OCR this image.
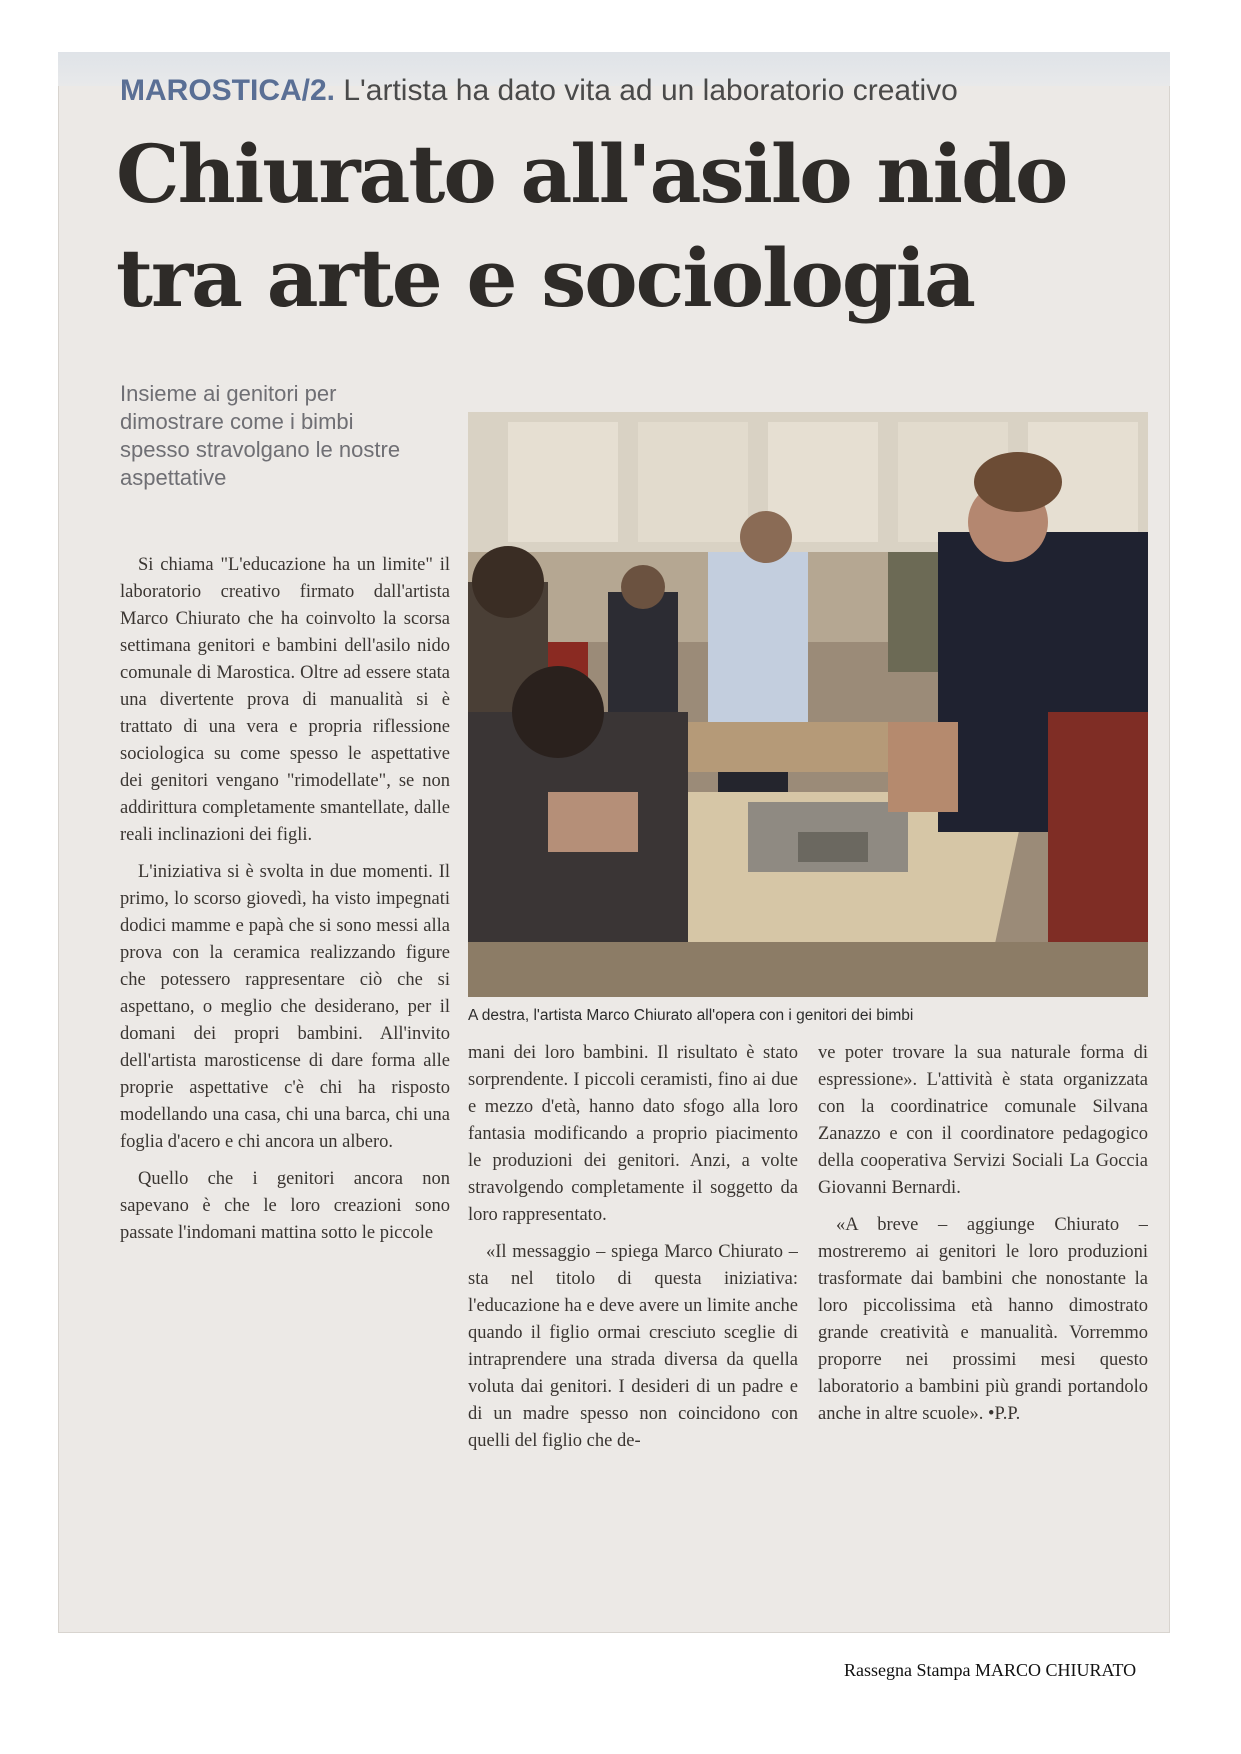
MAROSTICA/2. L'artista ha dato vita ad un laboratorio creativo
Chiurato all'asilo nido
tra arte e sociologia
Insieme ai genitori per dimostrare come i bimbi spesso stravolgano le nostre aspettative
A destra, l'artista Marco Chiurato all'opera con i genitori dei bimbi

Si chiama "L'educazione ha un limite" il laboratorio creativo firmato dall'artista Marco Chiurato che ha coinvolto la scorsa settimana genitori e bambini dell'asilo nido comunale di Marostica. Oltre ad essere stata una divertente prova di manualità si è trattato di una vera e propria riflessione sociologica su come spesso le aspettative dei genitori vengano "rimodellate", se non addirittura completamente smantellate, dalle reali inclinazioni dei figli.

L'iniziativa si è svolta in due momenti. Il primo, lo scorso giovedì, ha visto impegnati dodici mamme e papà che si sono messi alla prova con la ceramica realizzando figure che potessero rappresentare ciò che si aspettano, o meglio che desiderano, per il domani dei propri bambini. All'invito dell'artista marosticense di dare forma alle proprie aspettative c'è chi ha risposto modellando una casa, chi una barca, chi una foglia d'acero e chi ancora un albero.

Quello che i genitori ancora non sapevano è che le loro creazioni sono passate l'indomani mattina sotto le piccole

mani dei loro bambini. Il risultato è stato sorprendente. I piccoli ceramisti, fino ai due e mezzo d'età, hanno dato sfogo alla loro fantasia modificando a proprio piacimento le produzioni dei genitori. Anzi, a volte stravolgendo completamente il soggetto da loro rappresentato.

«Il messaggio – spiega Marco Chiurato – sta nel titolo di questa iniziativa: l'educazione ha e deve avere un limite anche quando il figlio ormai cresciuto sceglie di intraprendere una strada diversa da quella voluta dai genitori. I desideri di un padre e di un madre spesso non coincidono con quelli del figlio che de-

ve poter trovare la sua naturale forma di espressione». L'attività è stata organizzata con la coordinatrice comunale Silvana Zanazzo e con il coordinatore pedagogico della cooperativa Servizi Sociali La Goccia Giovanni Bernardi.

«A breve – aggiunge Chiurato – mostreremo ai genitori le loro produzioni trasformate dai bambini che nonostante la loro piccolissima età hanno dimostrato grande creatività e manualità. Vorremmo proporre nei prossimi mesi questo laboratorio a bambini più grandi portandolo anche in altre scuole». •P.P.

Rassegna Stampa MARCO CHIURATO
